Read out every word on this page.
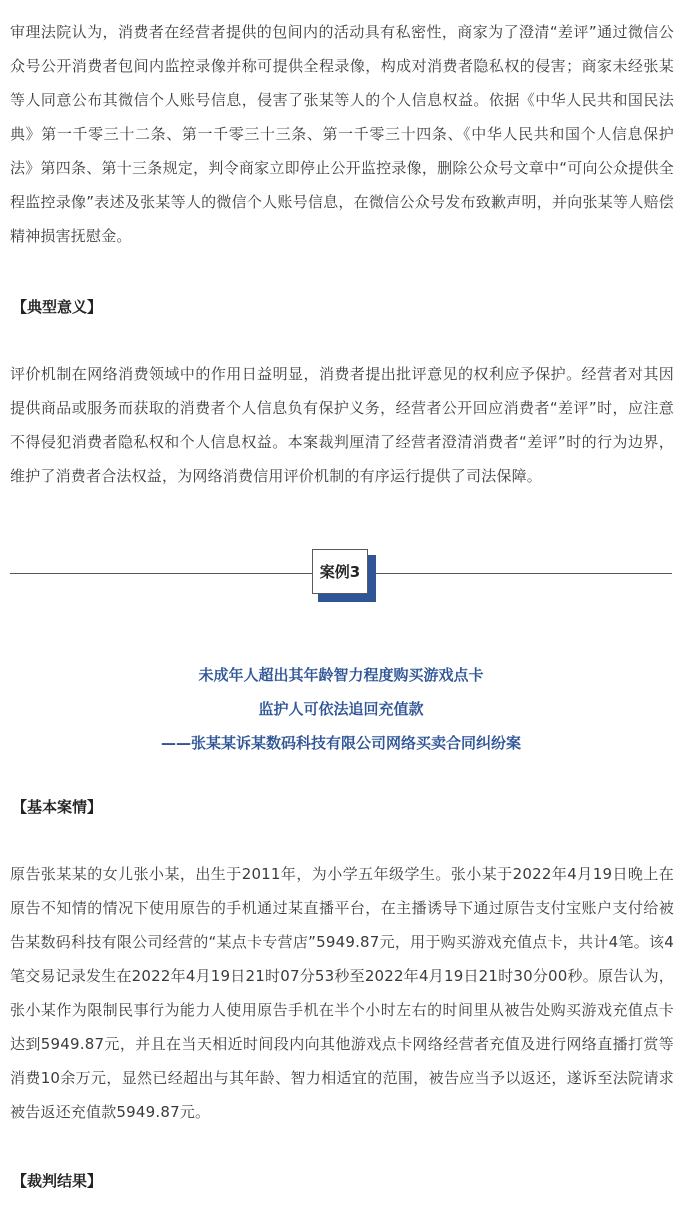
审理法院认为，消费者在经营者提供的包间内的活动具有私密性，商家为了澄清“差评”通过微信公众号公开消费者包间内监控录像并称可提供全程录像，构成对消费者隐私权的侵害；商家未经张某等人同意公布其微信个人账号信息，侵害了张某等人的个人信息权益。依据《中华人民共和国民法典》第一千零三十二条、第一千零三十三条、第一千零三十四条、《中华人民共和国个人信息保护法》第四条、第十三条规定，判令商家立即停止公开监控录像，删除公众号文章中“可向公众提供全程监控录像”表述及张某等人的微信个人账号信息，在微信公众号发布致歉声明，并向张某等人赔偿精神损害抚慰金。

【典型意义】

评价机制在网络消费领域中的作用日益明显，消费者提出批评意见的权利应予保护。经营者对其因提供商品或服务而获取的消费者个人信息负有保护义务，经营者公开回应消费者“差评”时，应注意不得侵犯消费者隐私权和个人信息权益。本案裁判厘清了经营者澄清消费者“差评”时的行为边界，维护了消费者合法权益，为网络消费信用评价机制的有序运行提供了司法保障。

案例3

未成年人超出其年龄智力程度购买游戏点卡

监护人可依法追回充值款

——张某某诉某数码科技有限公司网络买卖合同纠纷案

【基本案情】

原告张某某的女儿张小某，出生于2011年，为小学五年级学生。张小某于2022年4月19日晚上在原告不知情的情况下使用原告的手机通过某直播平台，在主播诱导下通过原告支付宝账户支付给被告某数码科技有限公司经营的“某点卡专营店”5949.87元，用于购买游戏充值点卡，共计4笔。该4笔交易记录发生在2022年4月19日21时07分53秒至2022年4月19日21时30分00秒。原告认为，张小某作为限制民事行为能力人使用原告手机在半个小时左右的时间里从被告处购买游戏充值点卡达到5949.87元，并且在当天相近时间段内向其他游戏点卡网络经营者充值及进行网络直播打赏等消费10余万元，显然已经超出与其年龄、智力相适宜的范围，被告应当予以返还，遂诉至法院请求被告返还充值款5949.87元。

【裁判结果】
